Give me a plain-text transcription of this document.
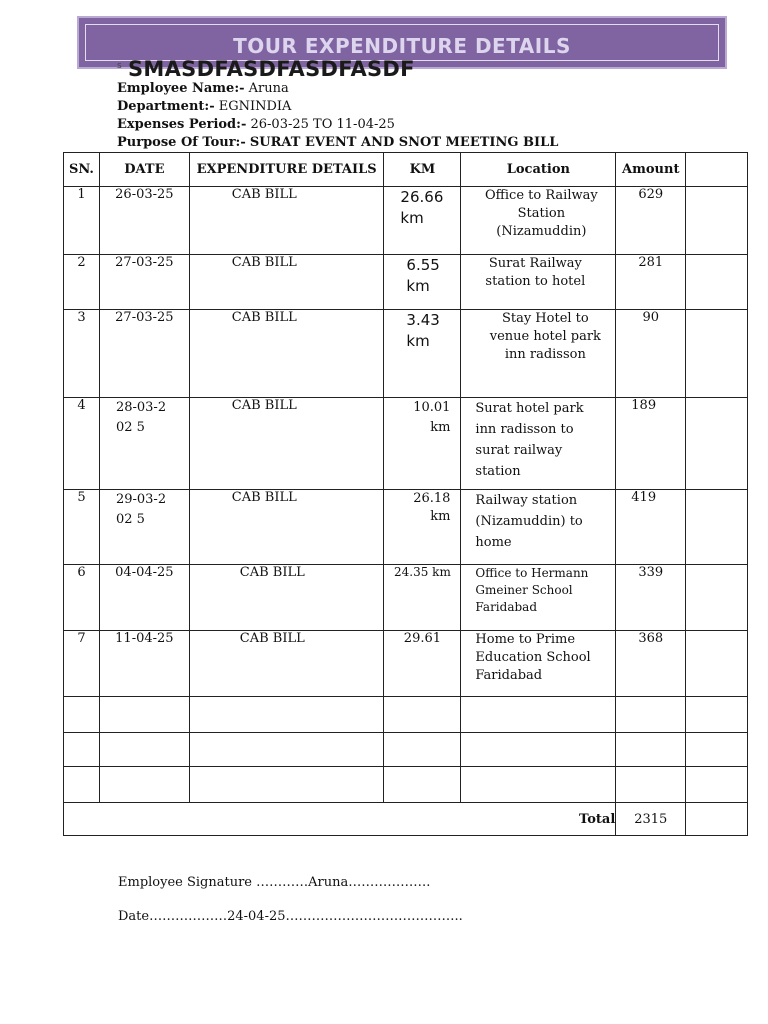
TOUR EXPENDITURE DETAILS
s SMASDFASDFASDFASDF
Employee Name:- Aruna
Department:- EGNINDIA
Expenses Period:- 26-03-25 TO 11-04-25
Purpose Of Tour:- SURAT EVENT AND SNOT MEETING BILL
SN.	DATE	EXPENDITURE DETAILS	KM	Location	Amount	
1	26-03-25	CAB BILL	26.66 km	Office to Railway Station (Nizamuddin)	629	
2	27-03-25	CAB BILL	6.55 km	Surat Railway station to hotel	281	
3	27-03-25	CAB BILL	3.43 km	Stay Hotel to venue hotel park inn radisson	90	
4	28-03-2 02 5	CAB BILL	10.01 km	Surat hotel park inn radisson to surat railway station	189	
5	29-03-2 02 5	CAB BILL	26.18 km	Railway station (Nizamuddin) to home	419	
6	04-04-25	CAB BILL	24.35 km	Office to Hermann Gmeiner School Faridabad	339	
7	11-04-25	CAB BILL	29.61	Home to Prime Education School Faridabad	368	

Total					2315	
Employee Signature …………Aruna……………….
Date………………24-04-25…………………………………..
